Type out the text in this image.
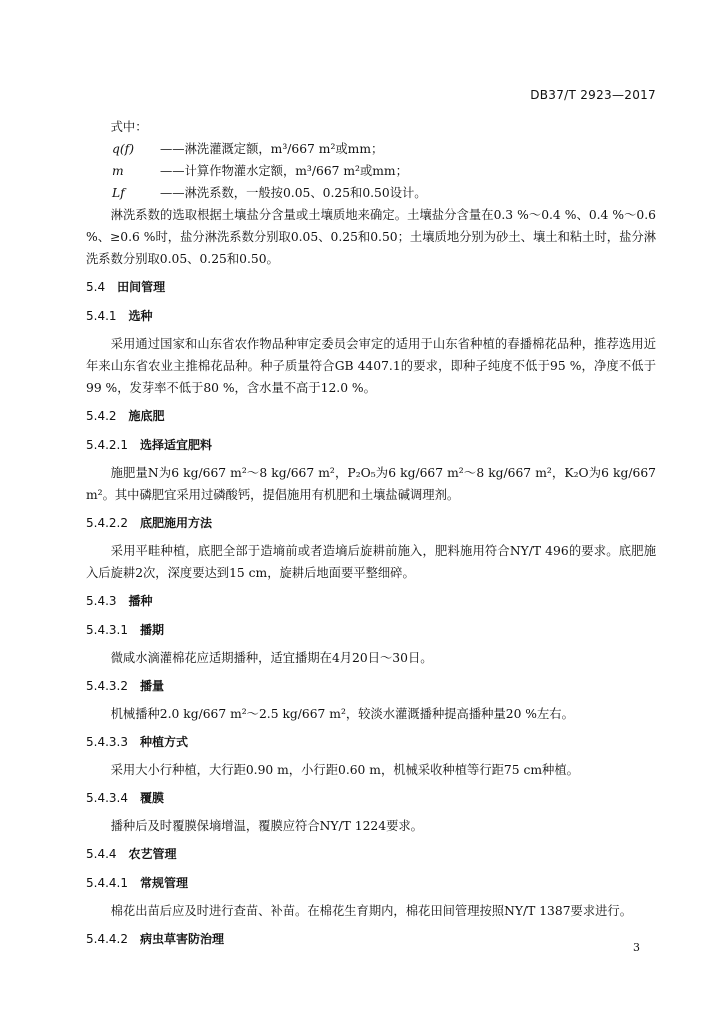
DB37/T 2923—2017

式中：

q(f)	——淋洗灌溉定额，m³/667 m²或mm；
m	——计算作物灌水定额，m³/667 m²或mm；
Lf	——淋洗系数，一般按0.05、0.25和0.50设计。

淋洗系数的选取根据土壤盐分含量或土壤质地来确定。土壤盐分含量在0.3 %～0.4 %、0.4 %～0.6 %、≥0.6 %时，盐分淋洗系数分别取0.05、0.25和0.50；土壤质地分别为砂土、壤土和粘土时，盐分淋洗系数分别取0.05、0.25和0.50。

5.4 田间管理

5.4.1 选种

采用通过国家和山东省农作物品种审定委员会审定的适用于山东省种植的春播棉花品种，推荐选用近年来山东省农业主推棉花品种。种子质量符合GB 4407.1的要求，即种子纯度不低于95 %，净度不低于99 %，发芽率不低于80 %，含水量不高于12.0 %。

5.4.2 施底肥

5.4.2.1 选择适宜肥料

施肥量N为6 kg/667 m²～8 kg/667 m²，P₂O₅为6 kg/667 m²～8 kg/667 m²，K₂O为6 kg/667 m²。其中磷肥宜采用过磷酸钙，提倡施用有机肥和土壤盐碱调理剂。

5.4.2.2 底肥施用方法

采用平畦种植，底肥全部于造墒前或者造墒后旋耕前施入，肥料施用符合NY/T 496的要求。底肥施入后旋耕2次，深度要达到15 cm，旋耕后地面要平整细碎。

5.4.3 播种

5.4.3.1 播期

微咸水滴灌棉花应适期播种，适宜播期在4月20日～30日。

5.4.3.2 播量

机械播种2.0 kg/667 m²～2.5 kg/667 m²，较淡水灌溉播种提高播种量20 %左右。

5.4.3.3 种植方式

采用大小行种植，大行距0.90 m，小行距0.60 m，机械采收种植等行距75 cm种植。

5.4.3.4 覆膜

播种后及时覆膜保墒增温，覆膜应符合NY/T 1224要求。

5.4.4 农艺管理

5.4.4.1 常规管理

棉花出苗后应及时进行查苗、补苗。在棉花生育期内，棉花田间管理按照NY/T 1387要求进行。

5.4.4.2 病虫草害防治理

3
